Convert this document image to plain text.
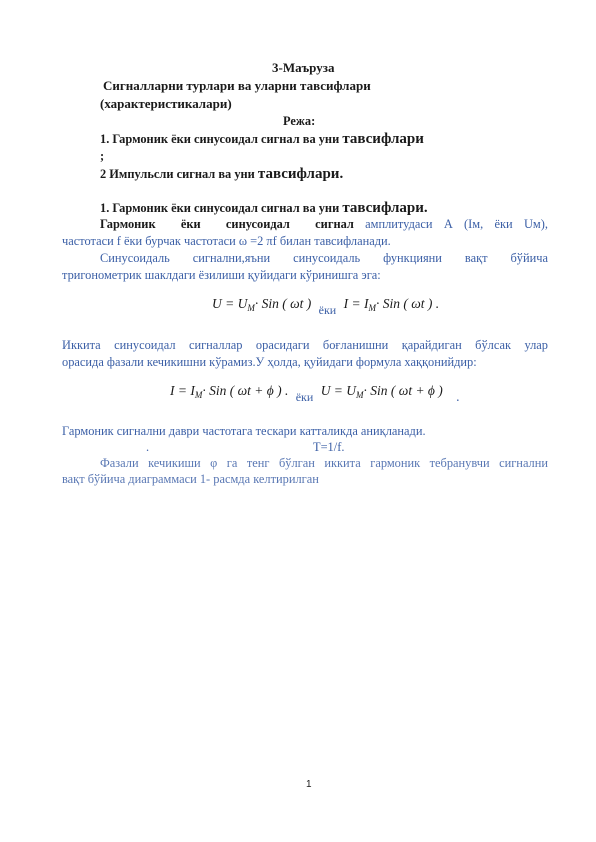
3-Маъруза
Сигналларни турлари ва уларни тавсифлари
(характеристикалари)
Режа:
1. Гармоник ёки синусоидал сигнал ва уни тавсифлари
;
2 Импульсли сигнал ва уни тавсифлари.
1. Гармоник ёки синусоидал сигнал ва уни тавсифлари.
Гармоник ёки синусоидал сигнал амплитудаси А (Iм, ёки Uм),
частотаси f ёки бурчак частотаси ω =2 πf билан тавсифланади.
Синусоидаль сигнални,яъни синусоидаль функцияни вақт бўйича
тригонометрик шаклдаги ёзилиши қуйидаги кўринишга эга:
$U = U_M\cdot$ Sin ( ωt ) ёки $I = I_M\cdot$ Sin ( ωt ) .
Иккита синусоидал сигналлар орасидаги боғланишни қарайдиган бўлсак улар
орасида фазали кечикишни кўрамиз.У ҳолда, қуйидаги формула хаққонийдир:
$I = I_M\cdot$ Sin ( ωt + ϕ ) . ёки $U = U_M\cdot$ Sin ( ωt + ϕ ) .
Гармоник сигнални даври частотага тескари катталикда аниқланади.
.	T=1/f.
Фазали кечикиши φ га тенг бўлган иккита гармоник тебранувчи сигнални
вақт бўйича диаграммаси 1- расмда келтирилган
1
